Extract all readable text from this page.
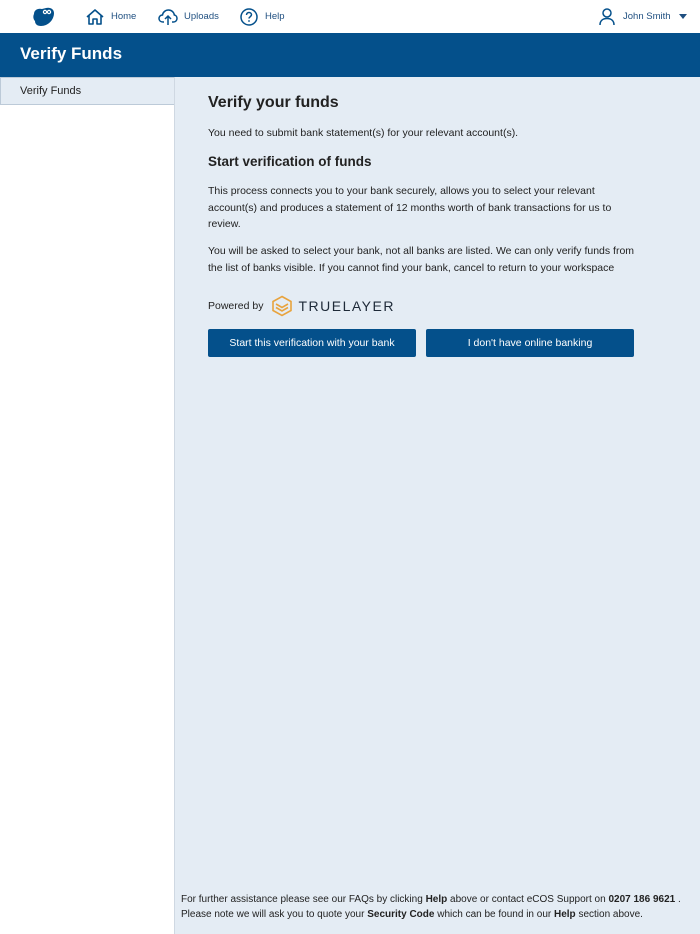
Home	Uploads	Help	John Smith
Verify Funds
Verify Funds
Verify your funds

You need to submit bank statement(s) for your relevant account(s).

Start verification of funds

This process connects you to your bank securely, allows you to select your relevant account(s) and produces a statement of 12 months worth of bank transactions for us to review.

You will be asked to select your bank, not all banks are listed. We can only verify funds from the list of banks visible. If you cannot find your bank, cancel to return to your workspace

Powered by	TRUELAYER
Start this verification with your bank	I don't have online banking
For further assistance please see our FAQs by clicking Help above or contact eCOS Support on 0207 186 9621 .
Please note we will ask you to quote your Security Code which can be found in our Help section above.
